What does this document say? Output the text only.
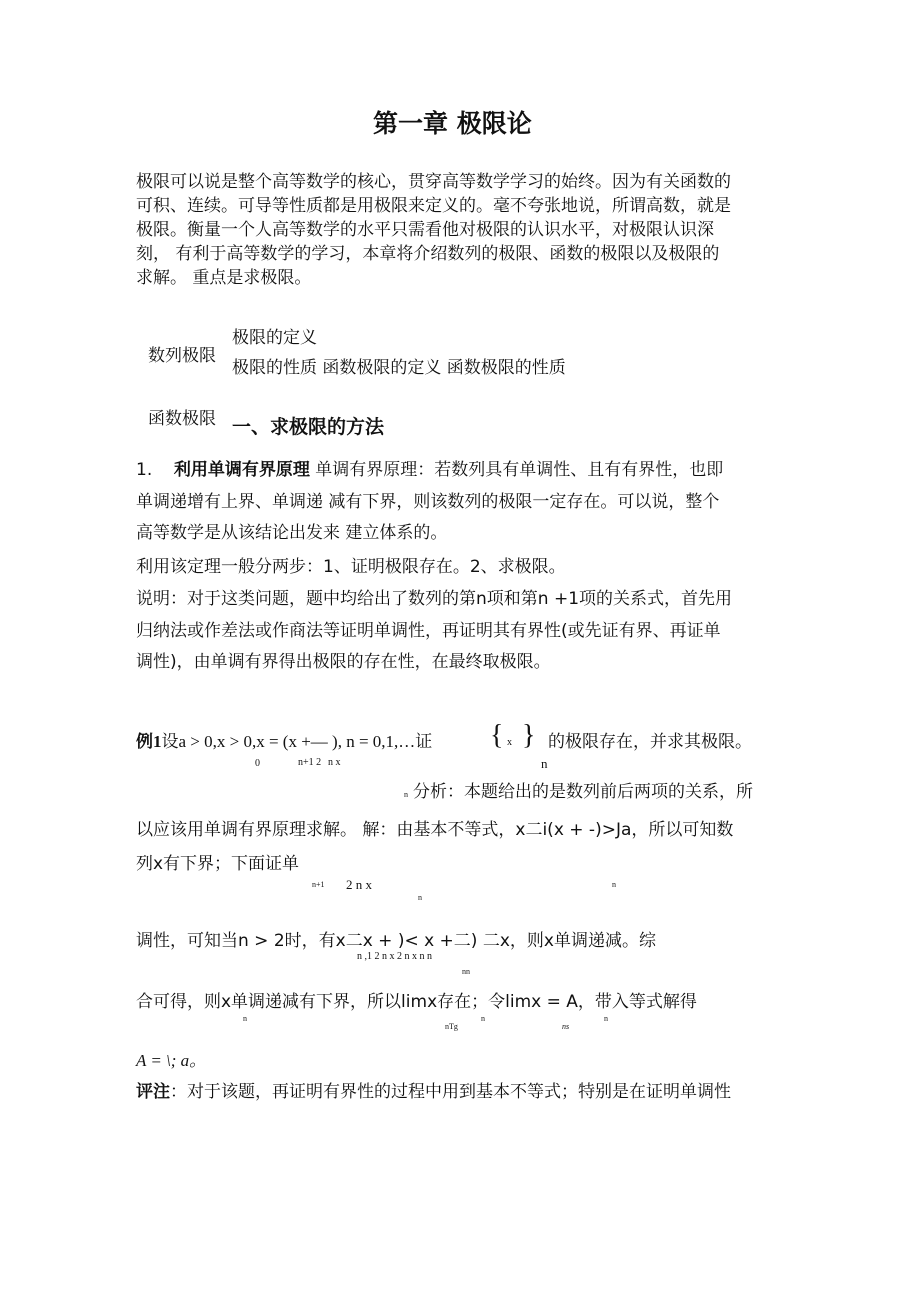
第一章 极限论
极限可以说是整个高等数学的核心，贯穿高等数学学习的始终。因为有关函数的
可积、连续。可导等性质都是用极限来定义的。毫不夸张地说，所谓高数，就是
极限。衡量一个人高等数学的水平只需看他对极限的认识水平，对极限认识深
刻， 有利于高等数学的学习，本章将介绍数列的极限、函数的极限以及极限的
求解。 重点是求极限。
极限的定义
数列极限
极限的性质 函数极限的定义 函数极限的性质
函数极限 一、求极限的方法
1. 利用单调有界原理 单调有界原理：若数列具有单调性、且有有界性，也即
单调递增有上界、单调递 减有下界，则该数列的极限一定存在。可以说，整个
高等数学是从该结论出发来 建立体系的。
利用该定理一般分两步：1、证明极限存在。2、求极限。
说明：对于这类问题，题中均给出了数列的第n项和第n +1项的关系式，首先用
归纳法或作差法或作商法等证明单调性，再证明其有界性(或先证有界、再证单
调性)，由单调有界得出极限的存在性，在最终取极限。
例1设a > 0,x > 0,x = (x +— ), n = 0,1,…证 { x } 的极限存在，并求其极限。
0	n+1 2 n x	n
n 分析：本题给出的是数列前后两项的关系，所
以应该用单调有界原理求解。 解：由基本不等式，x二i(x + -)>Ja，所以可知数
列x有下界；下面证单
n+1 2 n x
n
n
调性，可知当n > 2时，有x二x + )< x +二) 二x，则x单调递减。综
n ,1 2 n x 2 n x n n
nn
合可得，则x单调递减有下界，所以limx存在；令limx = A，带入等式解得
n
nTg
n
ns
n
A = \; a。
评注：对于该题，再证明有界性的过程中用到基本不等式；特别是在证明单调性
